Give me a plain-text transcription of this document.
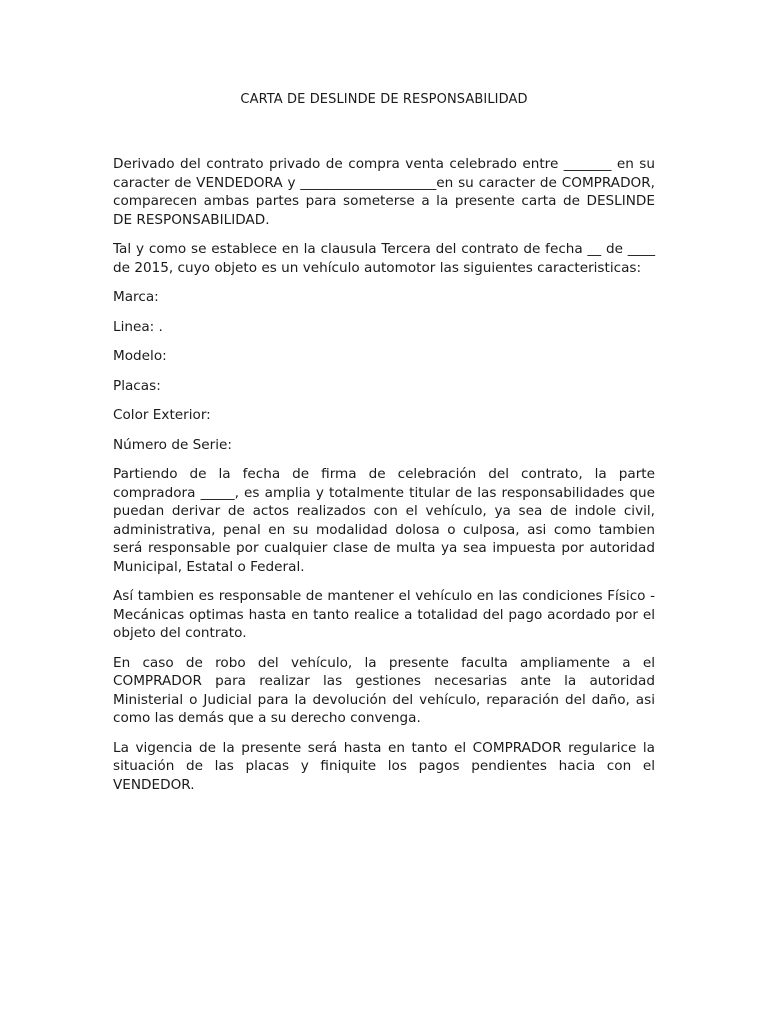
CARTA DE DESLINDE DE RESPONSABILIDAD

Derivado del contrato privado de compra venta celebrado entre _______ en su caracter de VENDEDORA y ____________________en su caracter de COMPRADOR, comparecen ambas partes para someterse a la presente carta de DESLINDE DE RESPONSABILIDAD.

Tal y como se establece en la clausula Tercera del contrato de fecha __ de ____ de 2015, cuyo objeto es un vehículo automotor las siguientes caracteristicas:

Marca:
Linea: .
Modelo:
Placas:
Color Exterior:
Número de Serie:

Partiendo de la fecha de firma de celebración del contrato, la parte compradora _____, es amplia y totalmente titular de las responsabilidades que puedan derivar de actos realizados con el vehículo, ya sea de indole civil, administrativa, penal en su modalidad dolosa o culposa, asi como tambien será responsable por cualquier clase de multa ya sea impuesta por autoridad Municipal, Estatal o Federal.

Así tambien es responsable de mantener el vehículo en las condiciones Físico - Mecánicas optimas hasta en tanto realice a totalidad del pago acordado por el objeto del contrato.

En caso de robo del vehículo, la presente faculta ampliamente a el COMPRADOR para realizar las gestiones necesarias ante la autoridad Ministerial o Judicial para la devolución del vehículo, reparación del daño, asi como las demás que a su derecho convenga.

La vigencia de la presente será hasta en tanto el COMPRADOR regularice la situación de las placas y finiquite los pagos pendientes hacia con el VENDEDOR.
